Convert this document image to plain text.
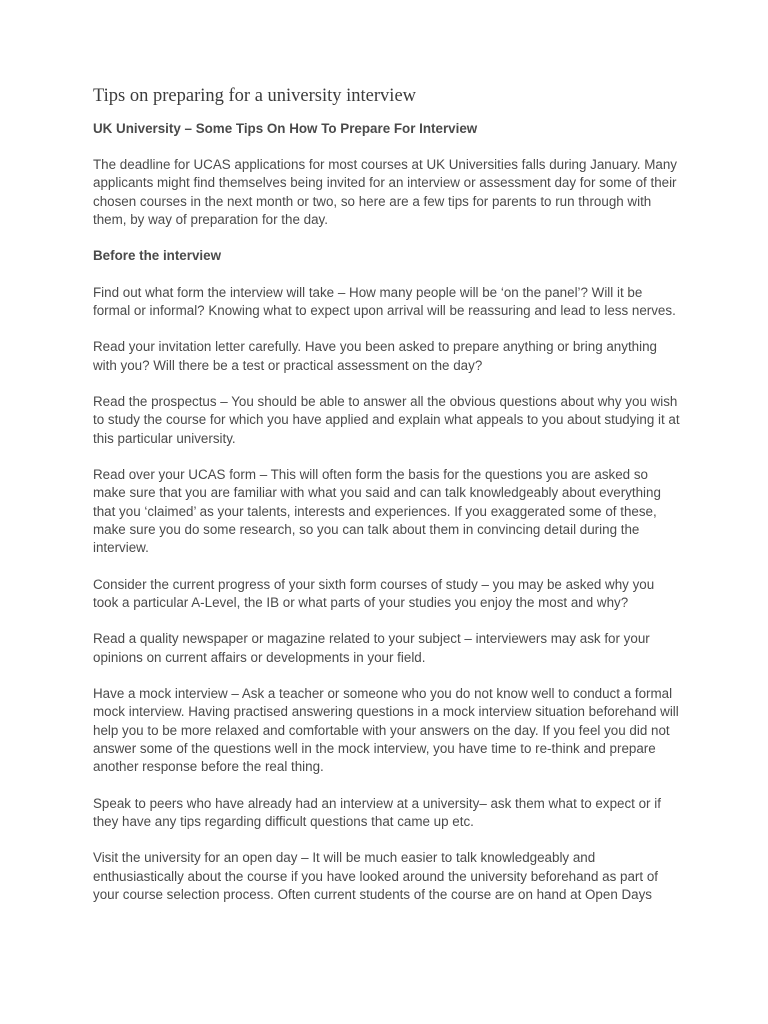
Tips on preparing for a university interview

UK University – Some Tips On How To Prepare For Interview

The deadline for UCAS applications for most courses at UK Universities falls during January. Many applicants might find themselves being invited for an interview or assessment day for some of their chosen courses in the next month or two, so here are a few tips for parents to run through with them, by way of preparation for the day.

Before the interview

Find out what form the interview will take – How many people will be ‘on the panel’? Will it be formal or informal? Knowing what to expect upon arrival will be reassuring and lead to less nerves.

Read your invitation letter carefully. Have you been asked to prepare anything or bring anything with you? Will there be a test or practical assessment on the day?

Read the prospectus – You should be able to answer all the obvious questions about why you wish to study the course for which you have applied and explain what appeals to you about studying it at this particular university.

Read over your UCAS form – This will often form the basis for the questions you are asked so make sure that you are familiar with what you said and can talk knowledgeably about everything that you ‘claimed’ as your talents, interests and experiences. If you exaggerated some of these, make sure you do some research, so you can talk about them in convincing detail during the interview.

Consider the current progress of your sixth form courses of study – you may be asked why you took a particular A-Level, the IB or what parts of your studies you enjoy the most and why?

Read a quality newspaper or magazine related to your subject – interviewers may ask for your opinions on current affairs or developments in your field.

Have a mock interview – Ask a teacher or someone who you do not know well to conduct a formal mock interview. Having practised answering questions in a mock interview situation beforehand will help you to be more relaxed and comfortable with your answers on the day. If you feel you did not answer some of the questions well in the mock interview, you have time to re-think and prepare another response before the real thing.

Speak to peers who have already had an interview at a university– ask them what to expect or if they have any tips regarding difficult questions that came up etc.

Visit the university for an open day – It will be much easier to talk knowledgeably and enthusiastically about the course if you have looked around the university beforehand as part of your course selection process. Often current students of the course are on hand at Open Days
